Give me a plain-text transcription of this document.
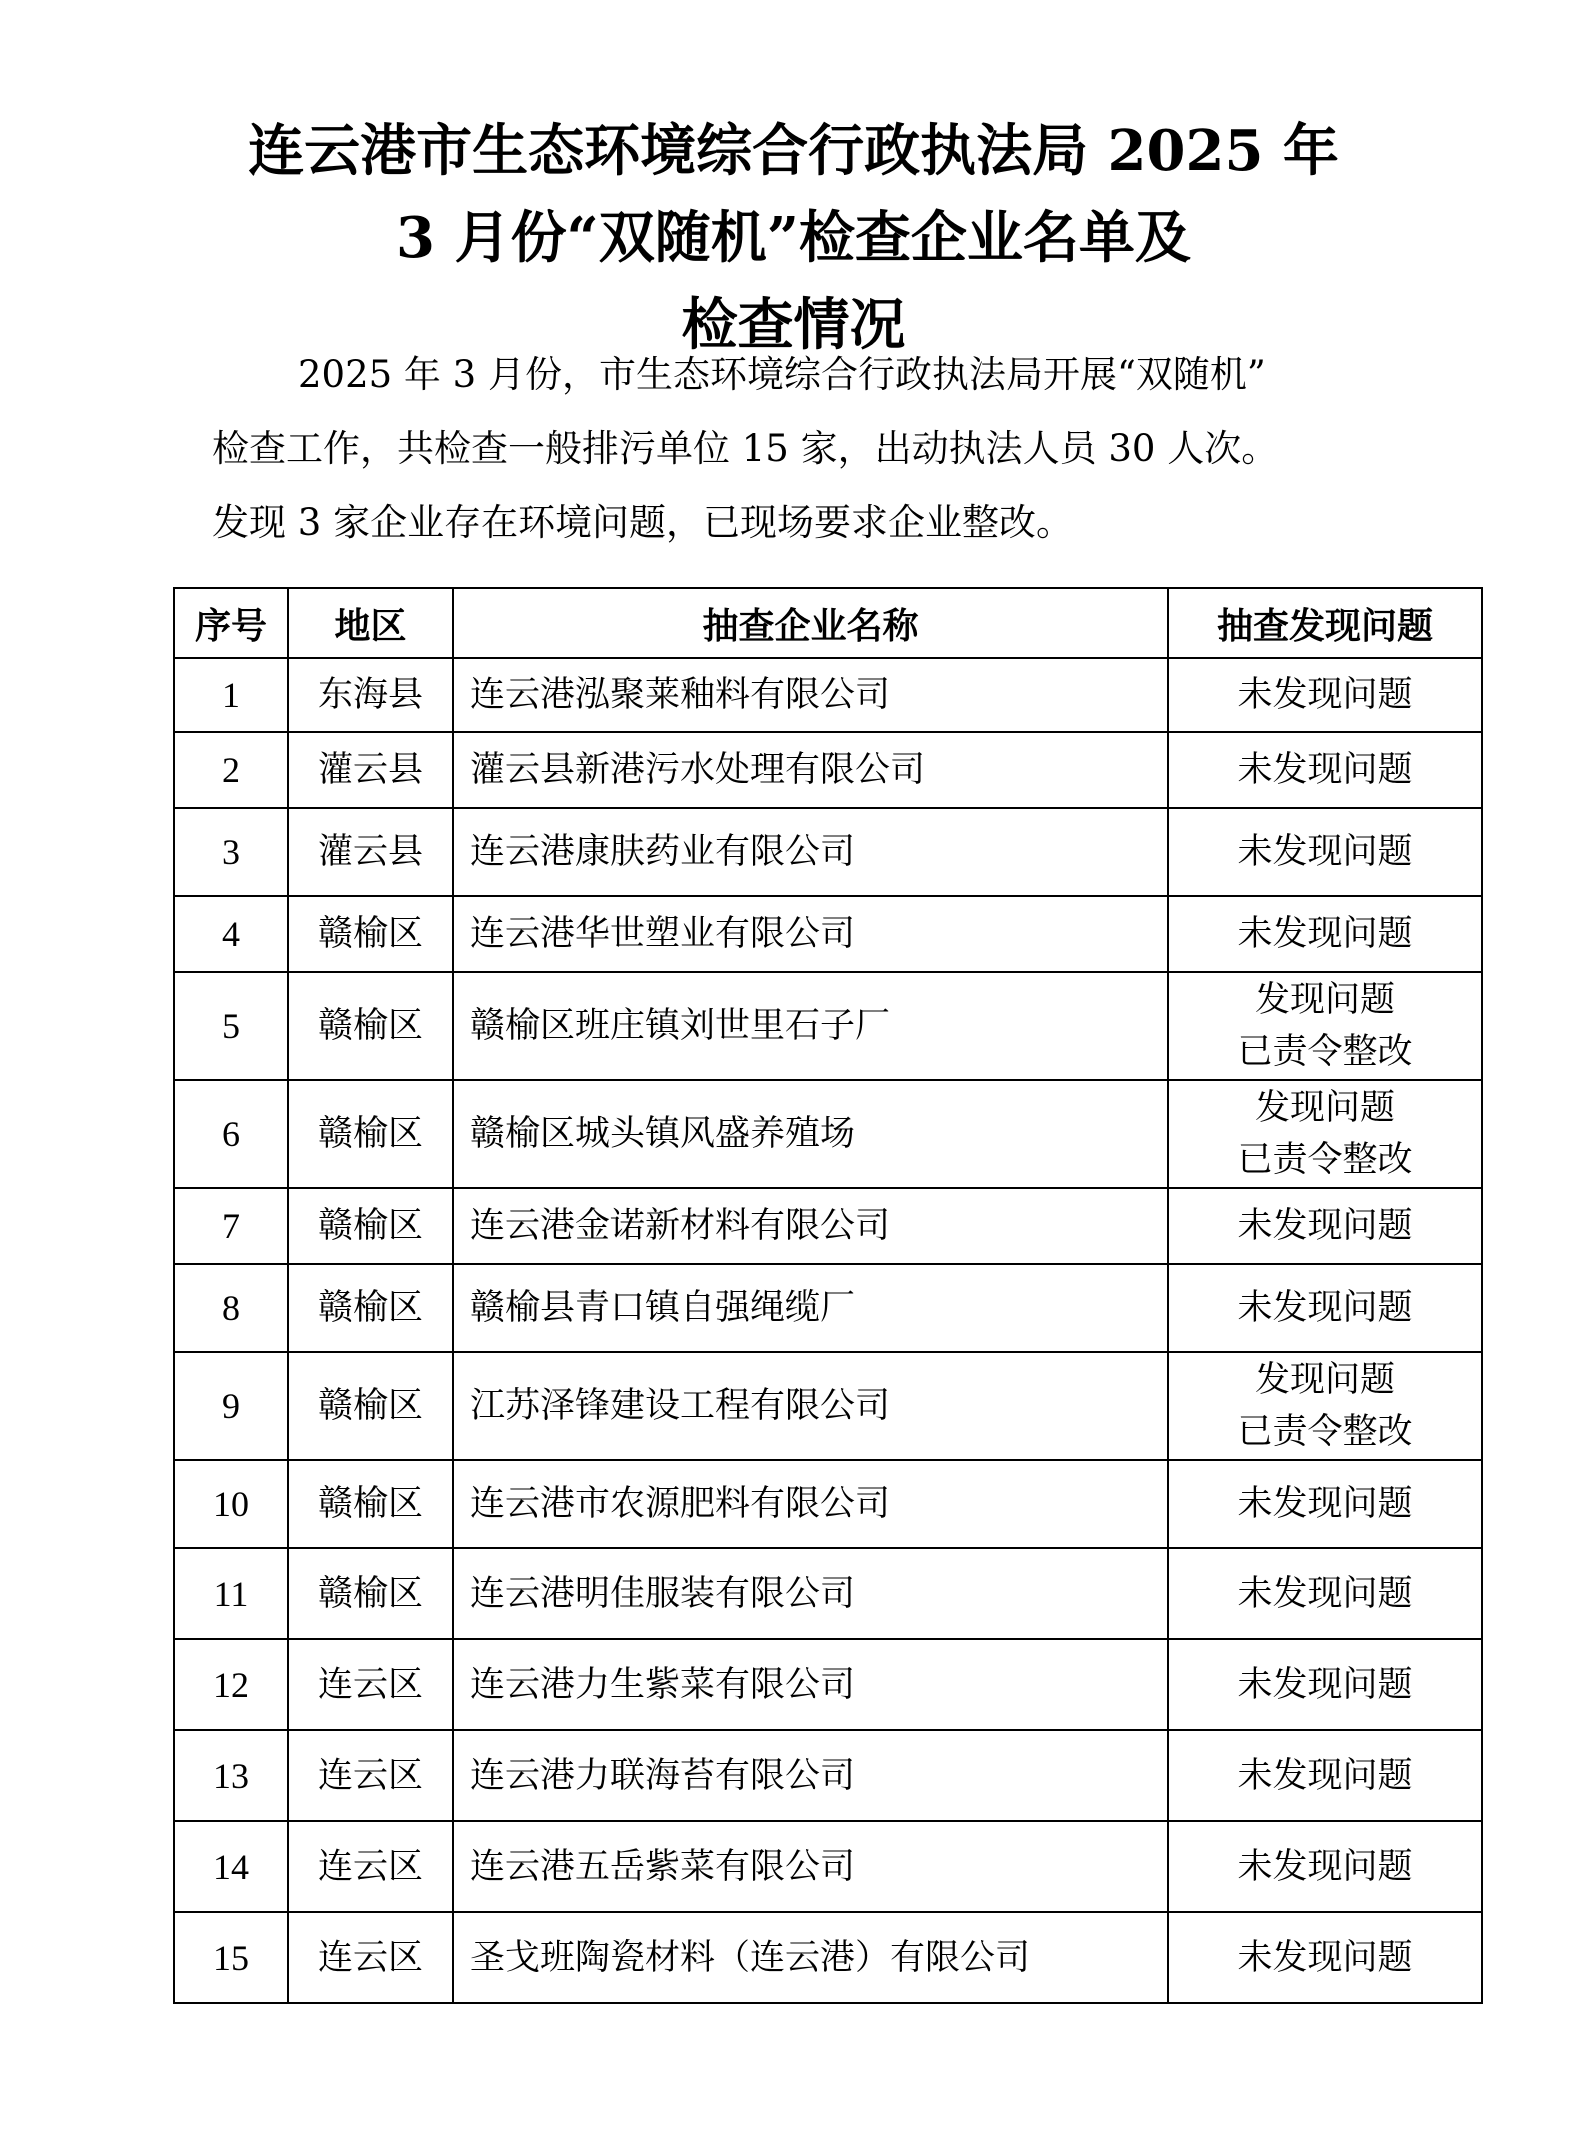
连云港市生态环境综合行政执法局 2025 年
3 月份“双随机”检查企业名单及
检查情况
2025 年 3 月份，市生态环境综合行政执法局开展“双随机”
检查工作，共检查一般排污单位 15 家，出动执法人员 30 人次。
发现 3 家企业存在环境问题，已现场要求企业整改。
序号	地区	抽查企业名称	抽查发现问题
1	东海县	连云港泓聚莱釉料有限公司	未发现问题

2	灌云县	灌云县新港污水处理有限公司	未发现问题

3	灌云县	连云港康肤药业有限公司	未发现问题

4	赣榆区	连云港华世塑业有限公司	未发现问题

5	赣榆区	赣榆区班庄镇刘世里石子厂	发现问题
已责令整改

6	赣榆区	赣榆区城头镇风盛养殖场	发现问题
已责令整改

7	赣榆区	连云港金诺新材料有限公司	未发现问题

8	赣榆区	赣榆县青口镇自强绳缆厂	未发现问题

9	赣榆区	江苏泽锋建设工程有限公司	发现问题
已责令整改

10	赣榆区	连云港市农源肥料有限公司	未发现问题

11	赣榆区	连云港明佳服装有限公司	未发现问题

12	连云区	连云港力生紫菜有限公司	未发现问题

13	连云区	连云港力联海苔有限公司	未发现问题

14	连云区	连云港五岳紫菜有限公司	未发现问题

15	连云区	圣戈班陶瓷材料（连云港）有限公司	未发现问题
